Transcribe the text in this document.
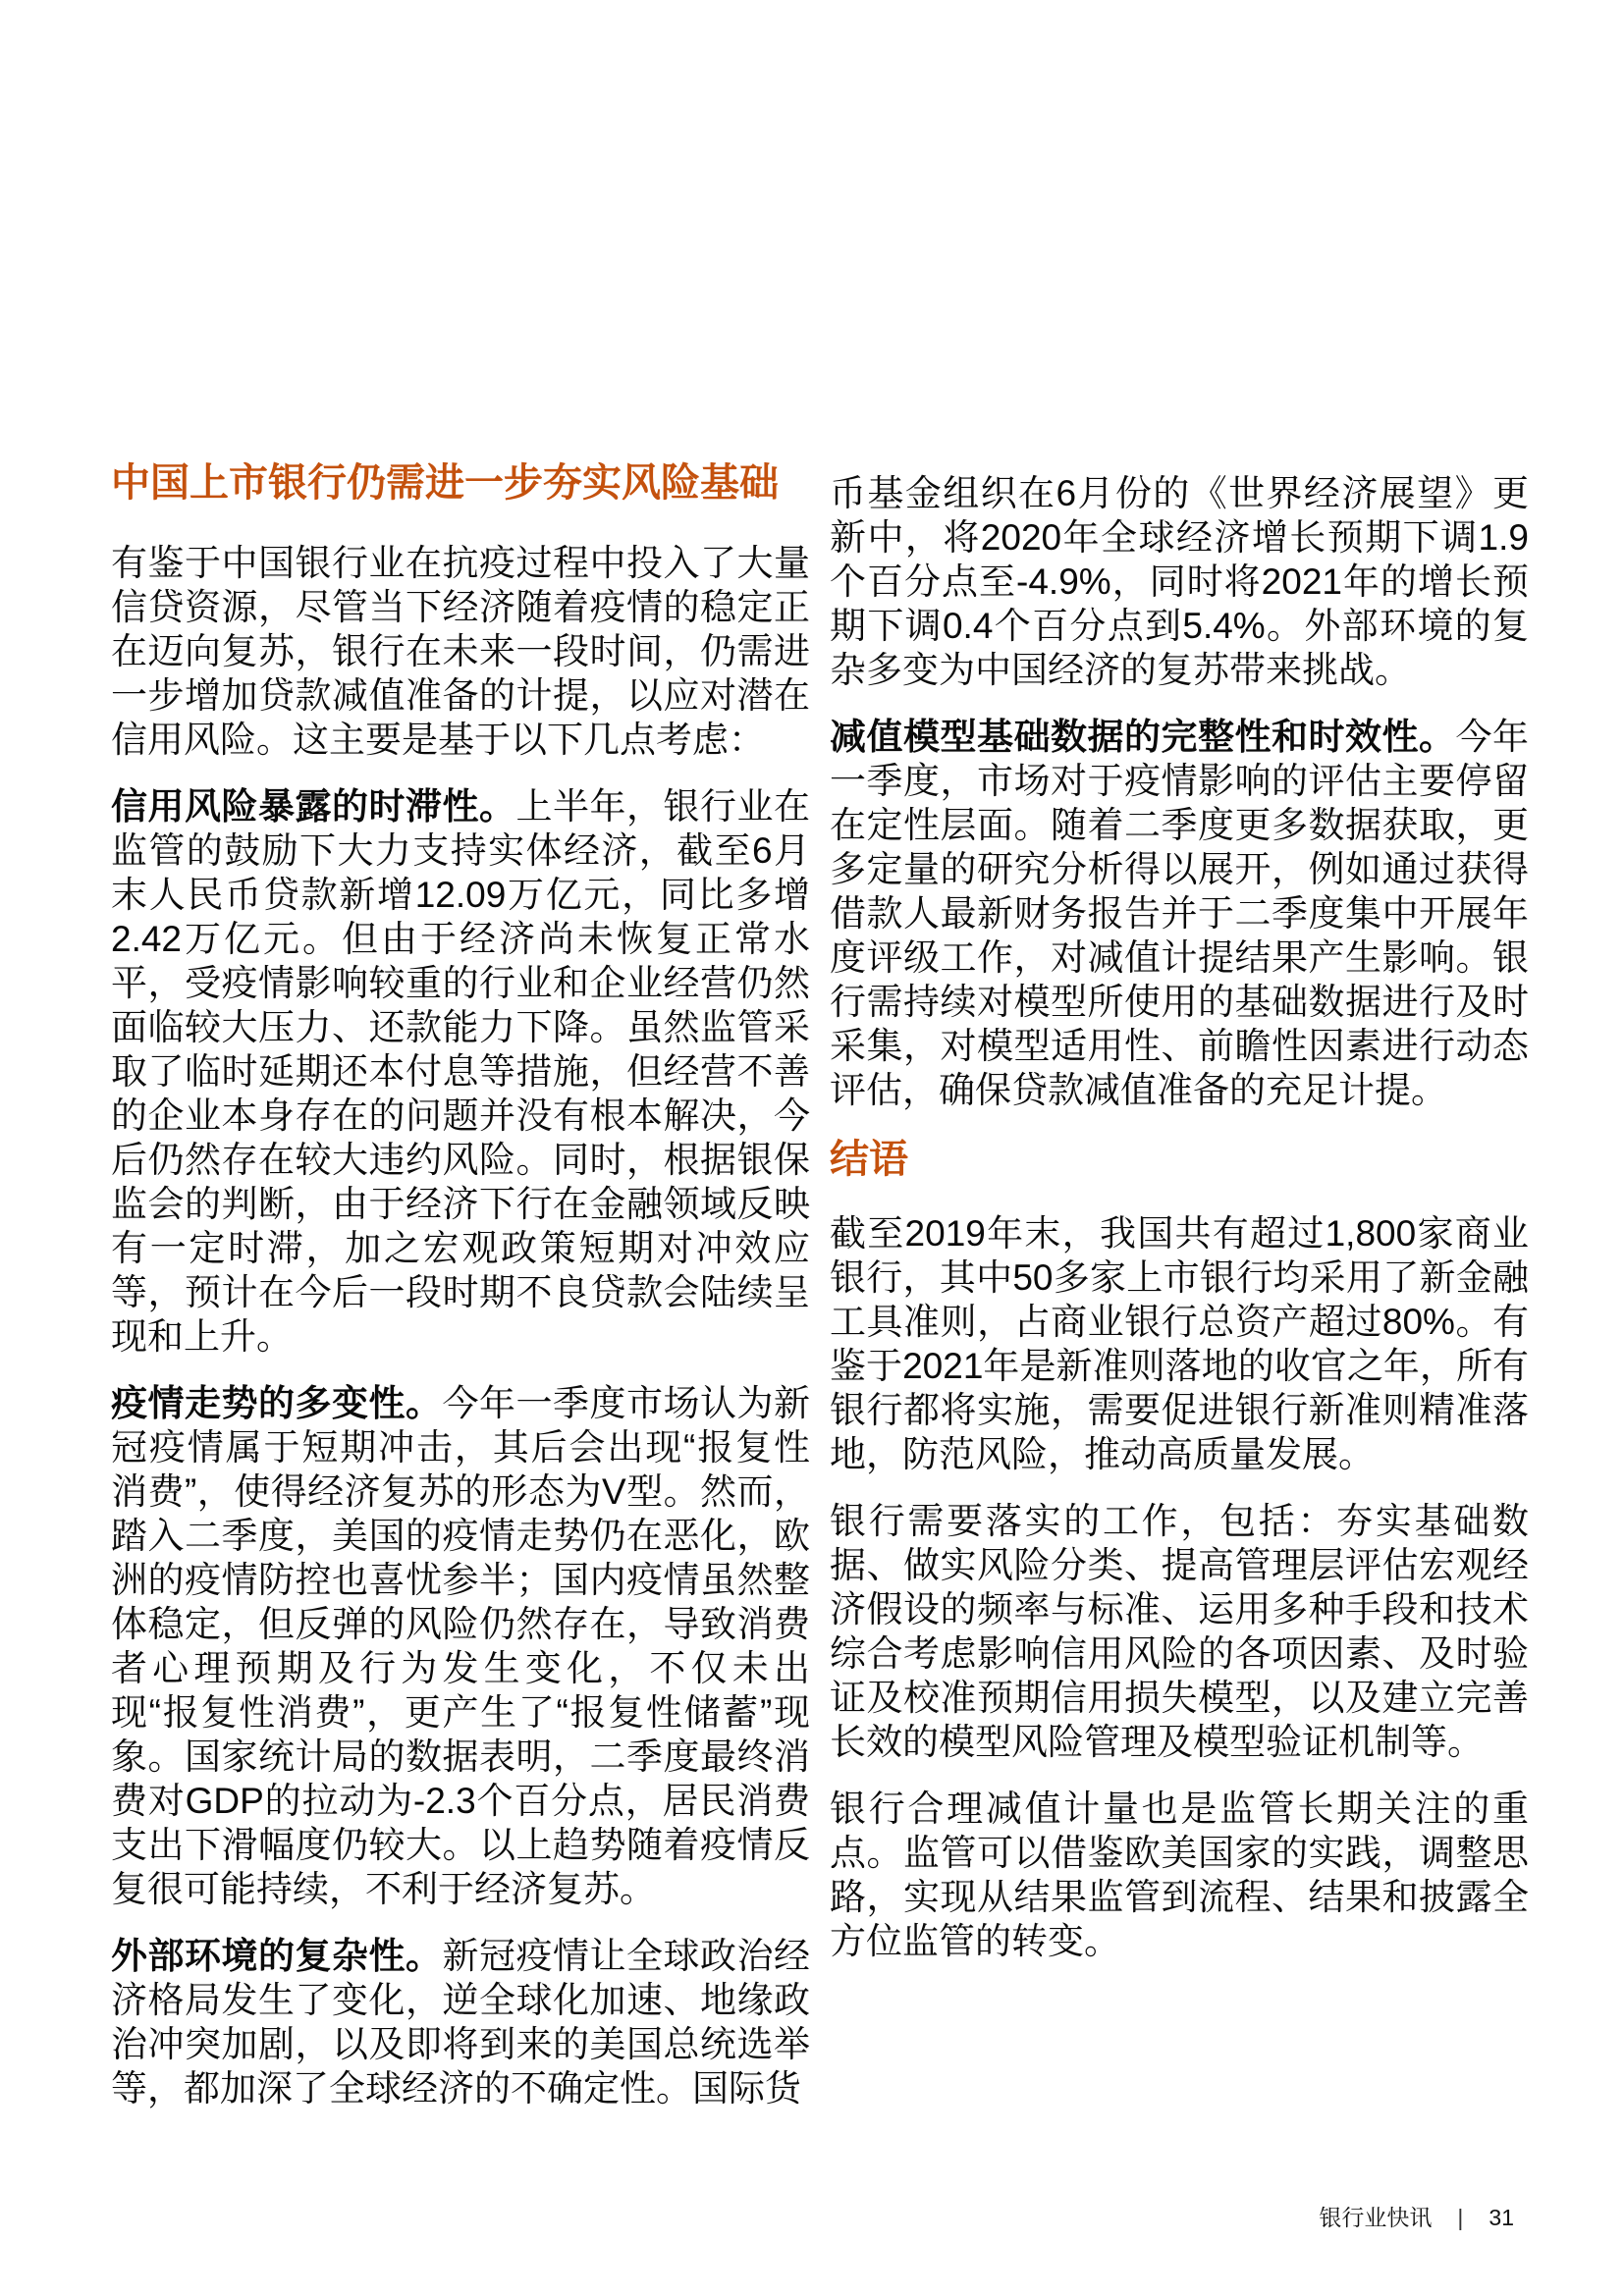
中国上市银行仍需进一步夯实风险基础

有鉴于中国银行业在抗疫过程中投入了大量信贷资源，尽管当下经济随着疫情的稳定正在迈向复苏，银行在未来一段时间，仍需进一步增加贷款减值准备的计提，以应对潜在信用风险。这主要是基于以下几点考虑：

信用风险暴露的时滞性。上半年，银行业在监管的鼓励下大力支持实体经济，截至6月末人民币贷款新增12.09万亿元，同比多增2.42万亿元。但由于经济尚未恢复正常水平，受疫情影响较重的行业和企业经营仍然面临较大压力、还款能力下降。虽然监管采取了临时延期还本付息等措施，但经营不善的企业本身存在的问题并没有根本解决，今后仍然存在较大违约风险。同时，根据银保监会的判断，由于经济下行在金融领域反映有一定时滞，加之宏观政策短期对冲效应等，预计在今后一段时期不良贷款会陆续呈现和上升。

疫情走势的多变性。今年一季度市场认为新冠疫情属于短期冲击，其后会出现“报复性消费”，使得经济复苏的形态为V型。然而，踏入二季度，美国的疫情走势仍在恶化，欧洲的疫情防控也喜忧参半；国内疫情虽然整体稳定，但反弹的风险仍然存在，导致消费者心理预期及行为发生变化，不仅未出现“报复性消费”，更产生了“报复性储蓄”现象。国家统计局的数据表明，二季度最终消费对GDP的拉动为-2.3个百分点，居民消费支出下滑幅度仍较大。以上趋势随着疫情反复很可能持续，不利于经济复苏。

外部环境的复杂性。新冠疫情让全球政治经济格局发生了变化，逆全球化加速、地缘政治冲突加剧，以及即将到来的美国总统选举等，都加深了全球经济的不确定性。国际货

币基金组织在6月份的《世界经济展望》更新中，将2020年全球经济增长预期下调1.9个百分点至-4.9%，同时将2021年的增长预期下调0.4个百分点到5.4%。外部环境的复杂多变为中国经济的复苏带来挑战。

减值模型基础数据的完整性和时效性。今年一季度，市场对于疫情影响的评估主要停留在定性层面。随着二季度更多数据获取，更多定量的研究分析得以展开，例如通过获得借款人最新财务报告并于二季度集中开展年度评级工作，对减值计提结果产生影响。银行需持续对模型所使用的基础数据进行及时采集，对模型适用性、前瞻性因素进行动态评估，确保贷款减值准备的充足计提。

结语

截至2019年末，我国共有超过1,800家商业银行，其中50多家上市银行均采用了新金融工具准则，占商业银行总资产超过80%。有鉴于2021年是新准则落地的收官之年，所有银行都将实施，需要促进银行新准则精准落地，防范风险，推动高质量发展。

银行需要落实的工作，包括：夯实基础数据、做实风险分类、提高管理层评估宏观经济假设的频率与标准、运用多种手段和技术综合考虑影响信用风险的各项因素、及时验证及校准预期信用损失模型，以及建立完善长效的模型风险管理及模型验证机制等。

银行合理减值计量也是监管长期关注的重点。监管可以借鉴欧美国家的实践，调整思路，实现从结果监管到流程、结果和披露全方位监管的转变。

银行业快讯 | 31
